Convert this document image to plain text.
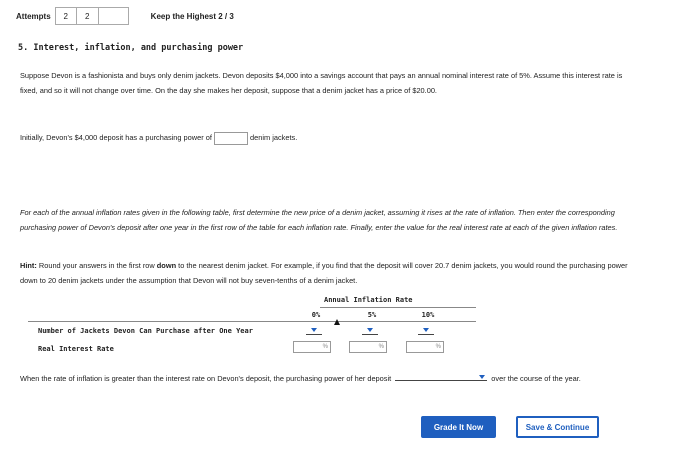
Attempts	2	2	Keep the Highest 2 / 3
5. Interest, inflation, and purchasing power
Suppose Devon is a fashionista and buys only denim jackets. Devon deposits $4,000 into a savings account that pays an annual nominal interest rate of 5%. Assume this interest rate is fixed, and so it will not change over time. On the day she makes her deposit, suppose that a denim jacket has a price of $20.00.
Initially, Devon's $4,000 deposit has a purchasing power of	denim jackets.
For each of the annual inflation rates given in the following table, first determine the new price of a denim jacket, assuming it rises at the rate of inflation. Then enter the corresponding purchasing power of Devon's deposit after one year in the first row of the table for each inflation rate. Finally, enter the value for the real interest rate at each of the given inflation rates.
Hint: Round your answers in the first row down to the nearest denim jacket. For example, if you find that the deposit will cover 20.7 denim jackets, you would round the purchasing power down to 20 denim jackets under the assumption that Devon will not buy seven-tenths of a denim jacket.
Annual Inflation Rate
0%	5%	10%
Number of Jackets Devon Can Purchase after One Year
Real Interest Rate	%	%	%
When the rate of inflation is greater than the interest rate on Devon's deposit, the purchasing power of her deposit	over the course of the year.
Grade It Now	Save & Continue
